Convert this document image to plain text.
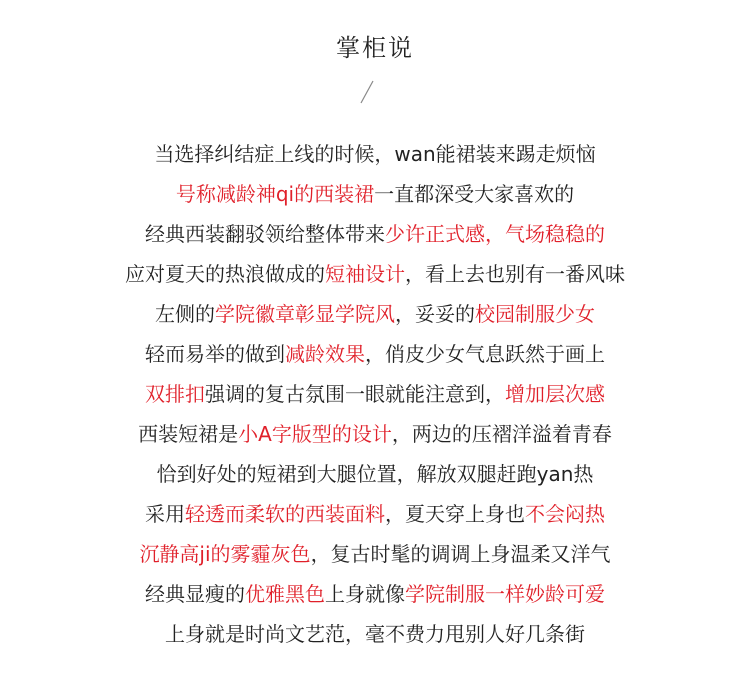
掌柜说
当选择纠结症上线的时候，wan能裙装来踢走烦恼
号称减龄神qi的西装裙一直都深受大家喜欢的
经典西装翻驳领给整体带来少许正式感，气场稳稳的
应对夏天的热浪做成的短袖设计，看上去也别有一番风味
左侧的学院徽章彰显学院风，妥妥的校园制服少女
轻而易举的做到减龄效果，俏皮少女气息跃然于画上
双排扣强调的复古氛围一眼就能注意到，增加层次感
西装短裙是小A字版型的设计，两边的压褶洋溢着青春
恰到好处的短裙到大腿位置，解放双腿赶跑yan热
采用轻透而柔软的西装面料，夏天穿上身也不会闷热
沉静高ji的雾霾灰色，复古时髦的调调上身温柔又洋气
经典显瘦的优雅黑色上身就像学院制服一样妙龄可爱
上身就是时尚文艺范，毫不费力甩别人好几条街
